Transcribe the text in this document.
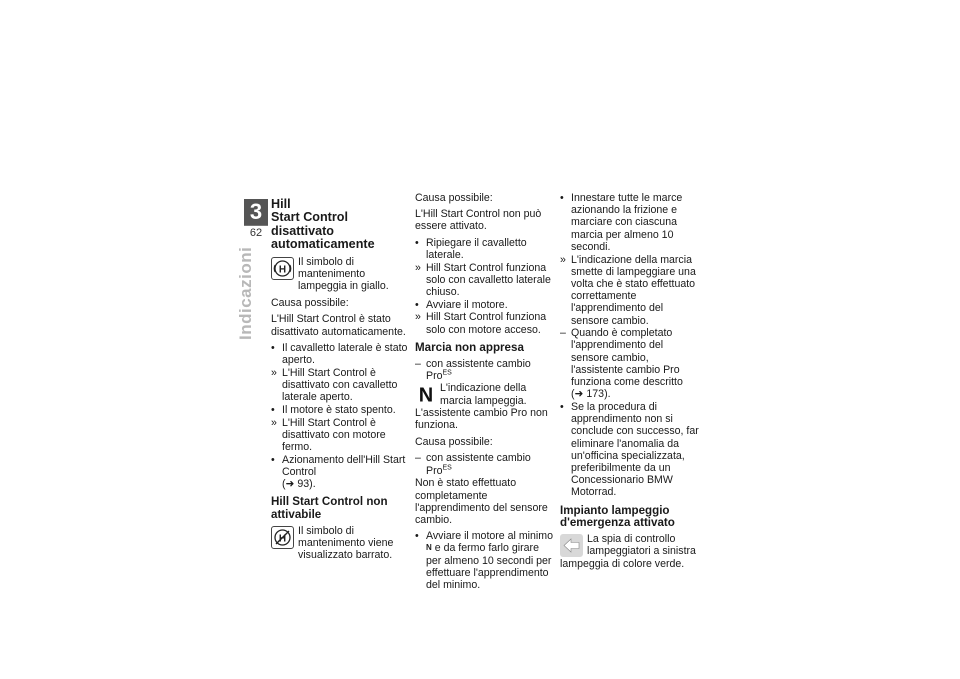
3
62
Indicazioni
Hill
Start Control disattivato automaticamente
H
Il simbolo di mantenimento lampeggia in giallo.

Causa possibile:

L'Hill Start Control è stato disattivato automaticamente.

• Il cavalletto laterale è stato aperto.
» L'Hill Start Control è disattivato con cavalletto laterale aperto.
• Il motore è stato spento.
» L'Hill Start Control è disattivato con motore fermo.
• Azionamento dell'Hill Start Control
(➜ 93).
Hill Start Control non attivabile
H
Il simbolo di mantenimento viene visualizzato barrato.

Causa possibile:

L'Hill Start Control non può essere attivato.

• Ripiegare il cavalletto laterale.
» Hill Start Control funziona solo con cavalletto laterale chiuso.
• Avviare il motore.
» Hill Start Control funziona solo con motore acceso.
Marcia non appresa
– con assistente cambio Pro$^{ES}$
N L'indicazione della marcia lampeggia. L'assistente cambio Pro non funziona.

Causa possibile:

– con assistente cambio Pro$^{ES}$

Non è stato effettuato completamente l'apprendimento del sensore cambio.

• Avviare il motore al minimo N e da fermo farlo girare per almeno 10 secondi per effettuare l'apprendimento del minimo.
• Innestare tutte le marce azionando la frizione e marciare con ciascuna marcia per almeno 10 secondi.
» L'indicazione della marcia smette di lampeggiare una volta che è stato effettuato correttamente l'apprendimento del sensore cambio.
– Quando è completato l'apprendimento del sensore cambio, l'assistente cambio Pro funziona come descritto (➜ 173).
• Se la procedura di apprendimento non si conclude con successo, far eliminare l'anomalia da un'officina specializzata, preferibilmente da un Concessionario BMW Motorrad.
Impianto lampeggio d'emergenza attivato
La spia di controllo lampeggiatori a sinistra lampeggia di colore verde.
